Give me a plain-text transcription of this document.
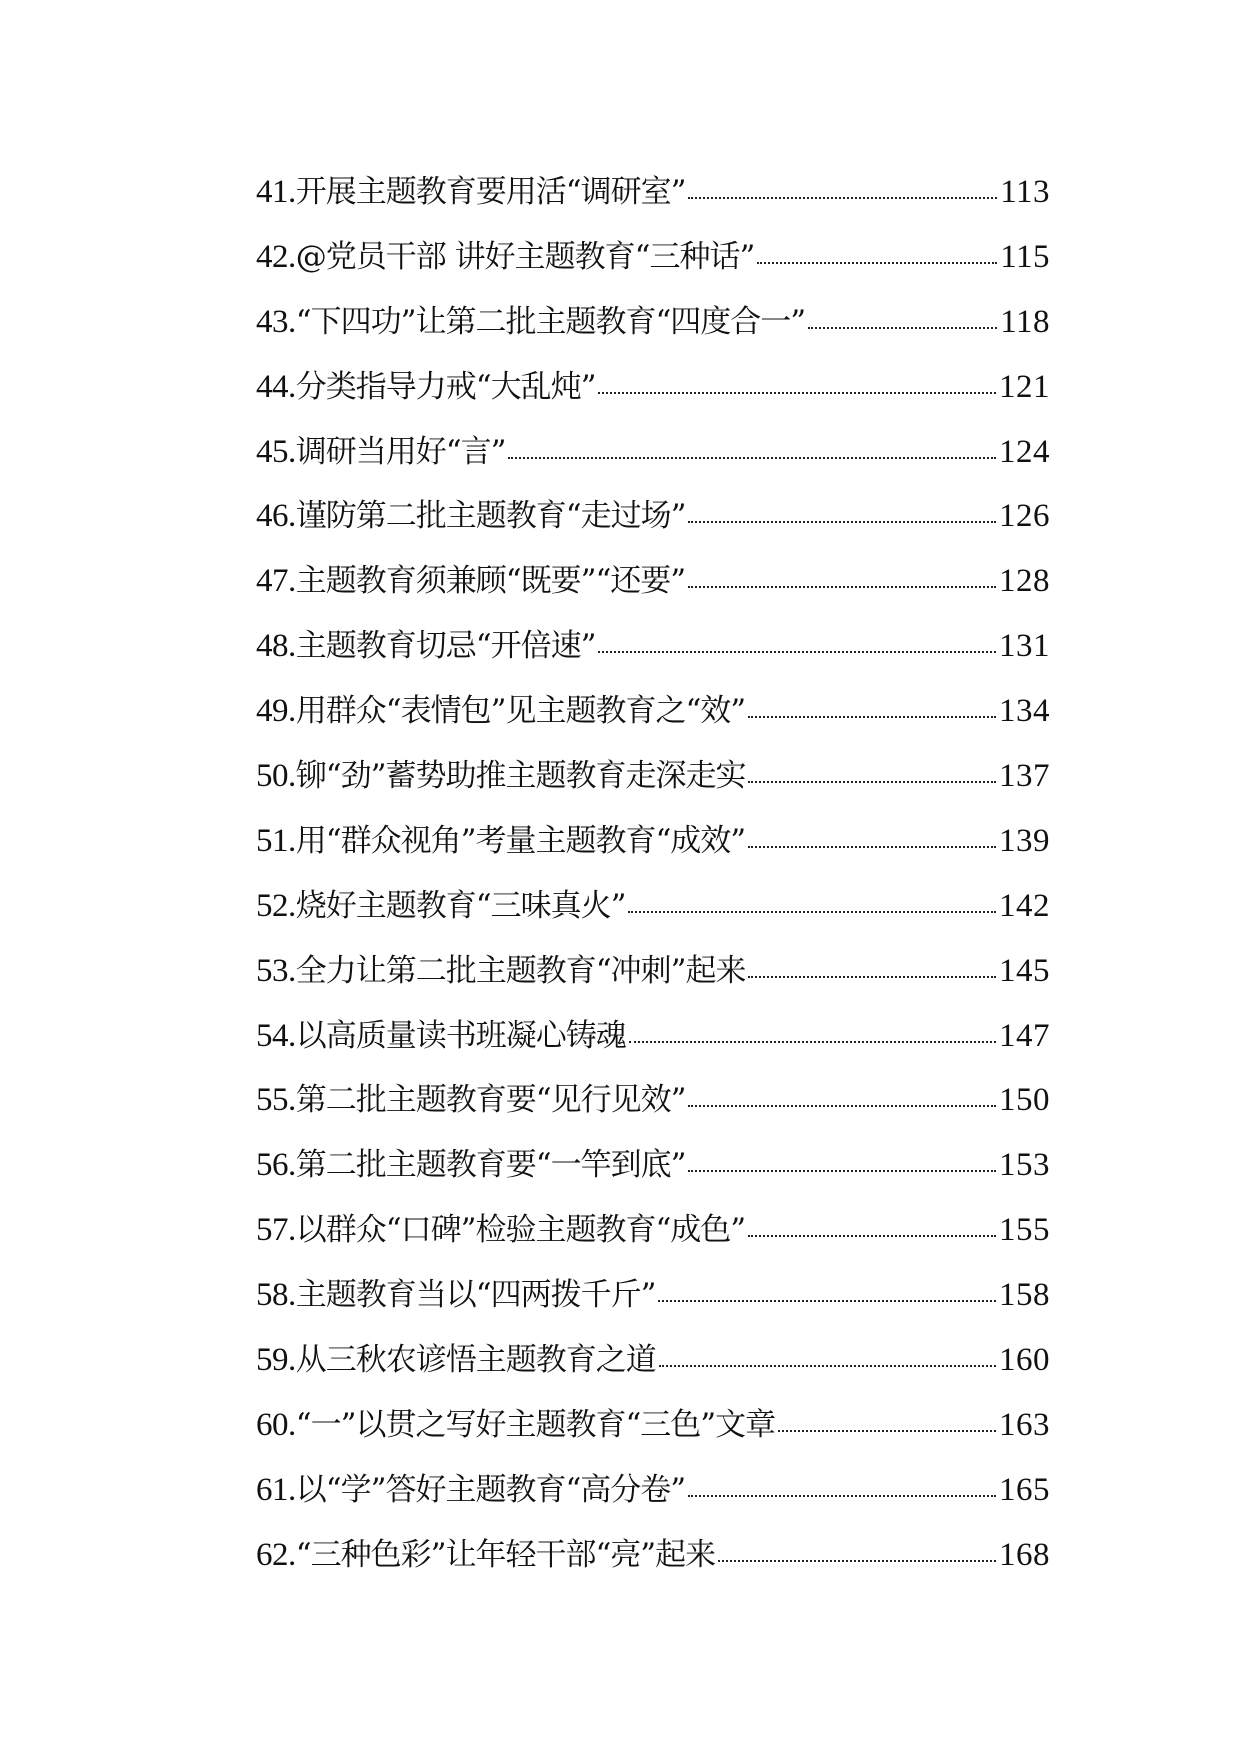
41. 开展主题教育要用活“调研室”	113
42. @党员干部 讲好主题教育“三种话”	115
43. “下四功”让第二批主题教育“四度合一”	118
44. 分类指导力戒“大乱炖”	121
45. 调研当用好“言”	124
46. 谨防第二批主题教育“走过场”	126
47. 主题教育须兼顾“既要”“还要”	128
48. 主题教育切忌“开倍速”	131
49. 用群众“表情包”见主题教育之“效”	134
50. 铆“劲”蓄势助推主题教育走深走实	137
51. 用“群众视角”考量主题教育“成效”	139
52. 烧好主题教育“三味真火”	142
53. 全力让第二批主题教育“冲刺”起来	145
54. 以高质量读书班凝心铸魂	147
55. 第二批主题教育要“见行见效”	150
56. 第二批主题教育要“一竿到底”	153
57. 以群众“口碑”检验主题教育“成色”	155
58. 主题教育当以“四两拨千斤”	158
59. 从三秋农谚悟主题教育之道	160
60. “一”以贯之写好主题教育“三色”文章	163
61. 以“学”答好主题教育“高分卷”	165
62. “三种色彩”让年轻干部“亮”起来	168
